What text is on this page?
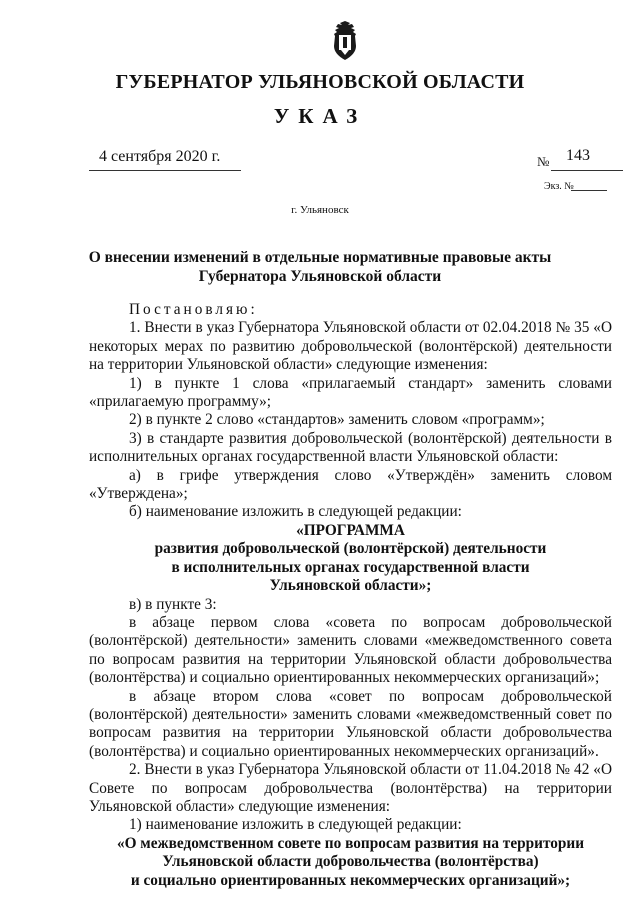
ГУБЕРНАТОР УЛЬЯНОВСКОЙ ОБЛАСТИ
УКАЗ
4 сентября 2020 г.	№ 143
Экз. №
г. Ульяновск
О внесении изменений в отдельные нормативные правовые акты
Губернатора Ульяновской области

Постановляю:

1. Внести в указ Губернатора Ульяновской области от 02.04.2018 № 35 «О некоторых мерах по развитию добровольческой (волонтёрской) деятельности на территории Ульяновской области» следующие изменения:

1) в пункте 1 слова «прилагаемый стандарт» заменить словами «прилагаемую программу»;

2) в пункте 2 слово «стандартов» заменить словом «программ»;

3) в стандарте развития добровольческой (волонтёрской) деятельности в исполнительных органах государственной власти Ульяновской области:

а) в грифе утверждения слово «Утверждён» заменить словом «Утверждена»;

б) наименование изложить в следующей редакции:

«ПРОГРАММА

развития добровольческой (волонтёрской) деятельности

в исполнительных органах государственной власти

Ульяновской области»;

в) в пункте 3:

в абзаце первом слова «совета по вопросам добровольческой (волонтёрской) деятельности» заменить словами «межведомственного совета по вопросам развития на территории Ульяновской области добровольчества (волонтёрства) и социально ориентированных некоммерческих организаций»;

в абзаце втором слова «совет по вопросам добровольческой (волонтёрской) деятельности» заменить словами «межведомственный совет по вопросам развития на территории Ульяновской области добровольчества (волонтёрства) и социально ориентированных некоммерческих организаций».

2. Внести в указ Губернатора Ульяновской области от 11.04.2018 № 42 «О Совете по вопросам добровольчества (волонтёрства) на территории Ульяновской области» следующие изменения:

1) наименование изложить в следующей редакции:

«О межведомственном совете по вопросам развития на территории

Ульяновской области добровольчества (волонтёрства)

и социально ориентированных некоммерческих организаций»;
